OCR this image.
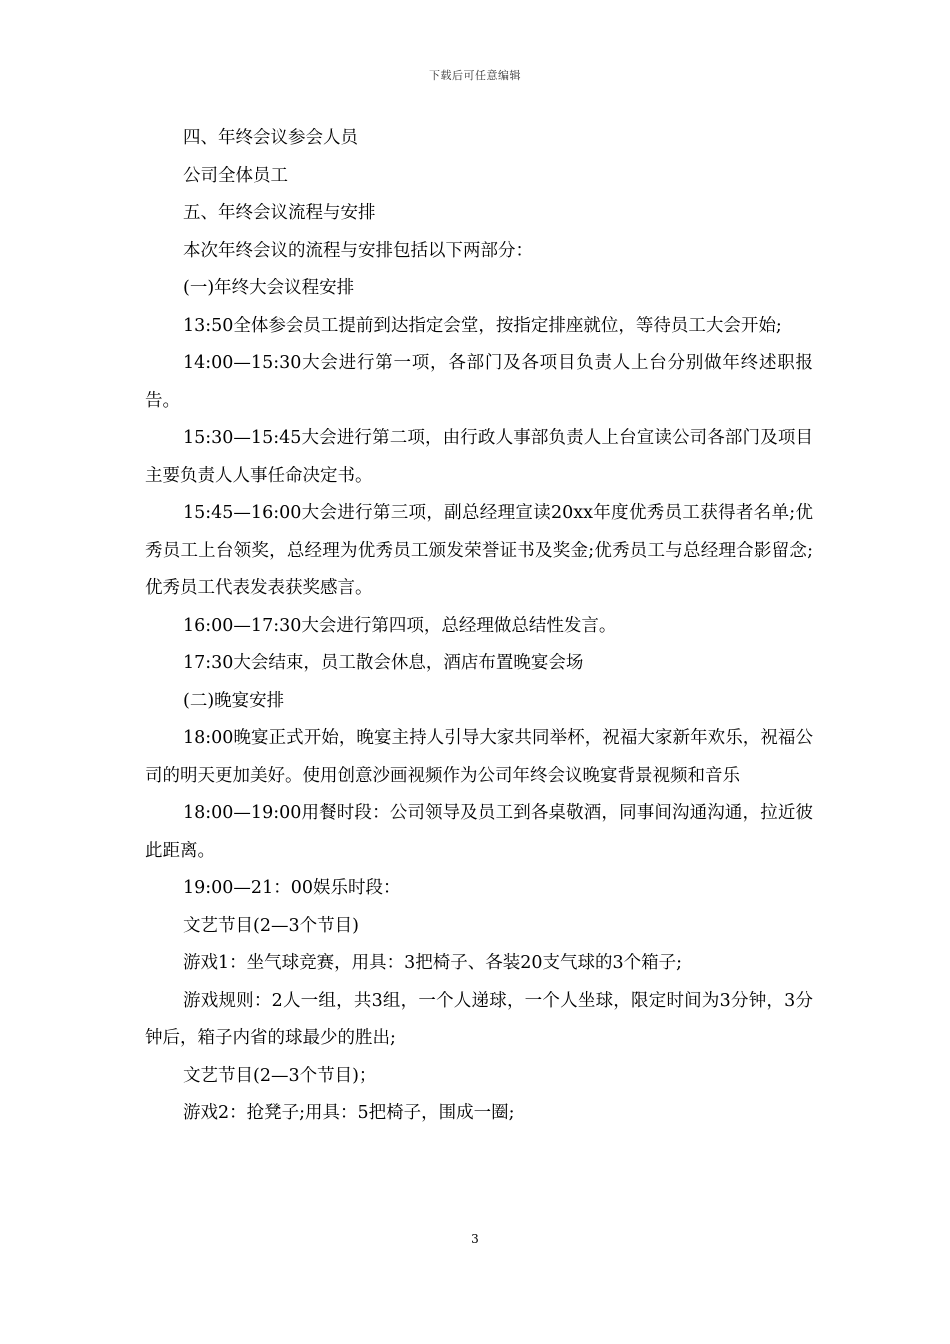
下载后可任意编辑

四、年终会议参会人员

公司全体员工

五、年终会议流程与安排

本次年终会议的流程与安排包括以下两部分：

(一)年终大会议程安排

13:50全体参会员工提前到达指定会堂，按指定排座就位，等待员工大会开始;

14:00—15:30大会进行第一项，各部门及各项目负责人上台分别做年终述职报告。

15:30—15:45大会进行第二项，由行政人事部负责人上台宣读公司各部门及项目主要负责人人事任命决定书。

15:45—16:00大会进行第三项，副总经理宣读20xx年度优秀员工获得者名单;优秀员工上台领奖，总经理为优秀员工颁发荣誉证书及奖金;优秀员工与总经理合影留念;优秀员工代表发表获奖感言。

16:00—17:30大会进行第四项，总经理做总结性发言。

17:30大会结束，员工散会休息，酒店布置晚宴会场

(二)晚宴安排

18:00晚宴正式开始，晚宴主持人引导大家共同举杯，祝福大家新年欢乐，祝福公司的明天更加美好。使用创意沙画视频作为公司年终会议晚宴背景视频和音乐

18:00—19:00用餐时段：公司领导及员工到各桌敬酒，同事间沟通沟通，拉近彼此距离。

19:00—21：00娱乐时段：

文艺节目(2—3个节目)

游戏1：坐气球竞赛，用具：3把椅子、各装20支气球的3个箱子;

游戏规则：2人一组，共3组，一个人递球，一个人坐球，限定时间为3分钟，3分钟后，箱子内省的球最少的胜出;

文艺节目(2—3个节目)；

游戏2：抢凳子;用具：5把椅子，围成一圈;

3
